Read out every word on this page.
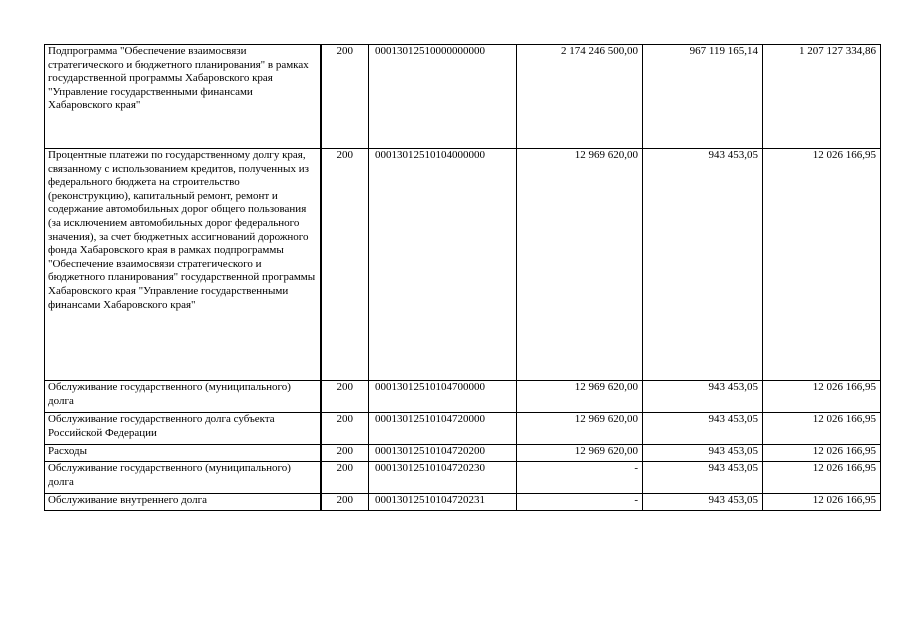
Подпрограмма "Обеспечение взаимосвязи стратегического и бюджетного планирования" в рамках государственной программы Хабаровского края "Управление государственными финансами Хабаровского края"	200	00013012510000000000	2 174 246 500,00	967 119 165,14	1 207 127 334,86
Процентные платежи по государственному долгу края, связанному с использованием кредитов, полученных из федерального бюджета на строительство (реконструкцию), капитальный ремонт, ремонт и содержание автомобильных дорог общего пользования (за исключением автомобильных дорог федерального значения), за счет бюджетных ассигнований дорожного фонда Хабаровского края в рамках подпрограммы "Обеспечение взаимосвязи стратегического и бюджетного планирования" государственной программы Хабаровского края "Управление государственными финансами Хабаровского края"	200	00013012510104000000	12 969 620,00	943 453,05	12 026 166,95
Обслуживание государственного (муниципального) долга	200	00013012510104700000	12 969 620,00	943 453,05	12 026 166,95
Обслуживание государственного долга субъекта Российской Федерации	200	00013012510104720000	12 969 620,00	943 453,05	12 026 166,95
Расходы	200	00013012510104720200	12 969 620,00	943 453,05	12 026 166,95
Обслуживание государственного (муниципального) долга	200	00013012510104720230	-	943 453,05	12 026 166,95
Обслуживание внутреннего долга	200	00013012510104720231	-	943 453,05	12 026 166,95
